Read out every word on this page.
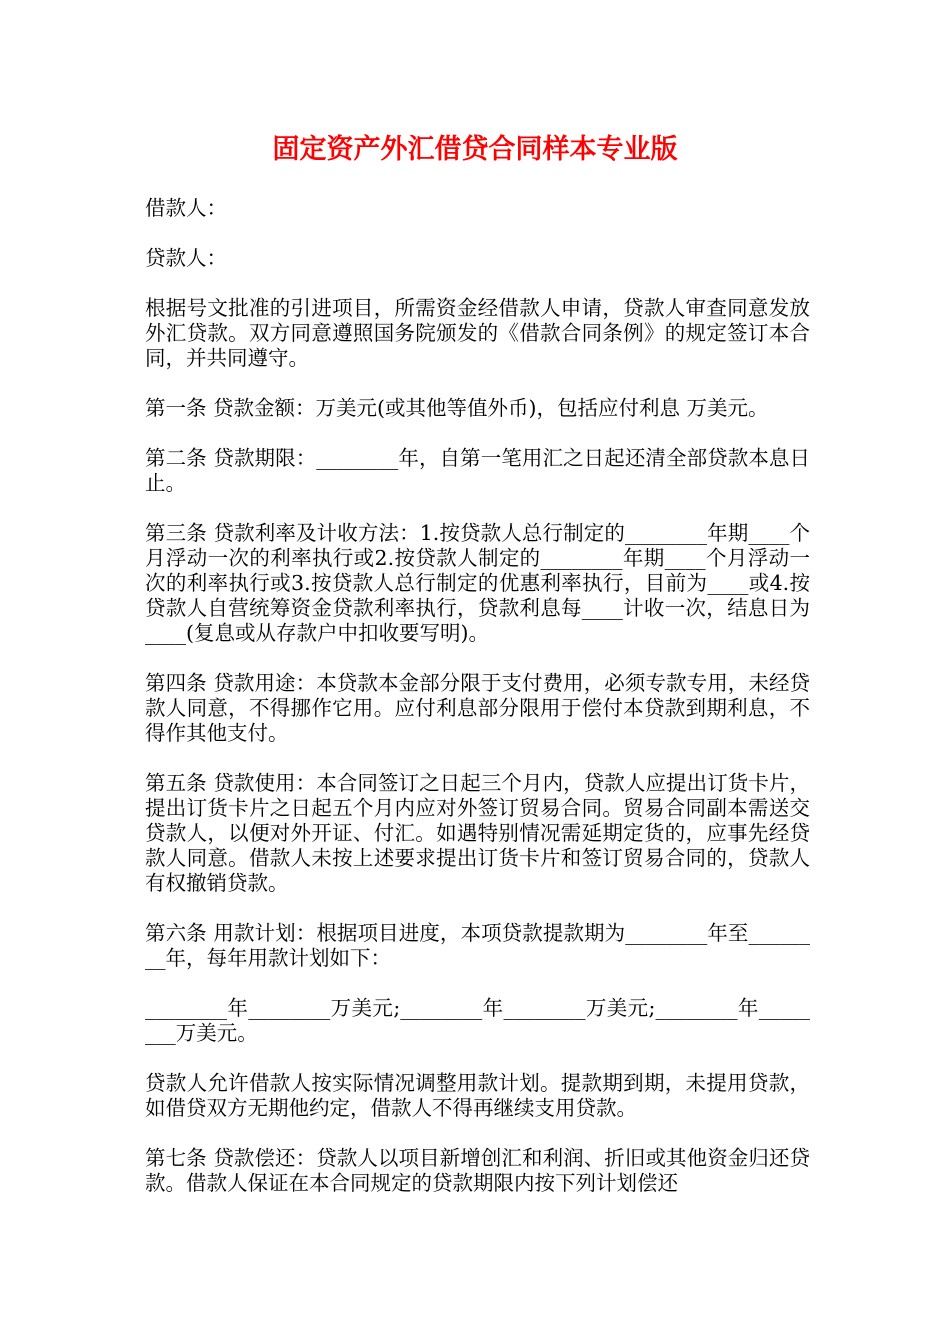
固定资产外汇借贷合同样本专业版

借款人：

贷款人：

根据号文批准的引进项目，所需资金经借款人申请，贷款人审查同意发放外汇贷款。双方同意遵照国务院颁发的《借款合同条例》的规定签订本合同，并共同遵守。

第一条 贷款金额：万美元(或其他等值外币)，包括应付利息 万美元。

第二条 贷款期限：________年，自第一笔用汇之日起还清全部贷款本息日止。

第三条 贷款利率及计收方法：1.按贷款人总行制定的________年期____个月浮动一次的利率执行或2.按贷款人制定的________年期____个月浮动一次的利率执行或3.按贷款人总行制定的优惠利率执行，目前为____或4.按贷款人自营统筹资金贷款利率执行，贷款利息每____计收一次，结息日为____(复息或从存款户中扣收要写明)。

第四条 贷款用途：本贷款本金部分限于支付费用，必须专款专用，未经贷款人同意，不得挪作它用。应付利息部分限用于偿付本贷款到期利息，不得作其他支付。

第五条 贷款使用：本合同签订之日起三个月内，贷款人应提出订货卡片，提出订货卡片之日起五个月内应对外签订贸易合同。贸易合同副本需送交贷款人，以便对外开证、付汇。如遇特别情况需延期定货的，应事先经贷款人同意。借款人未按上述要求提出订货卡片和签订贸易合同的，贷款人有权撤销贷款。

第六条 用款计划：根据项目进度，本项贷款提款期为________年至________年，每年用款计划如下：

________年________万美元;________年________万美元;________年________万美元。

贷款人允许借款人按实际情况调整用款计划。提款期到期，未提用贷款，如借贷双方无期他约定，借款人不得再继续支用贷款。

第七条 贷款偿还：贷款人以项目新增创汇和利润、折旧或其他资金归还贷款。借款人保证在本合同规定的贷款期限内按下列计划偿还
